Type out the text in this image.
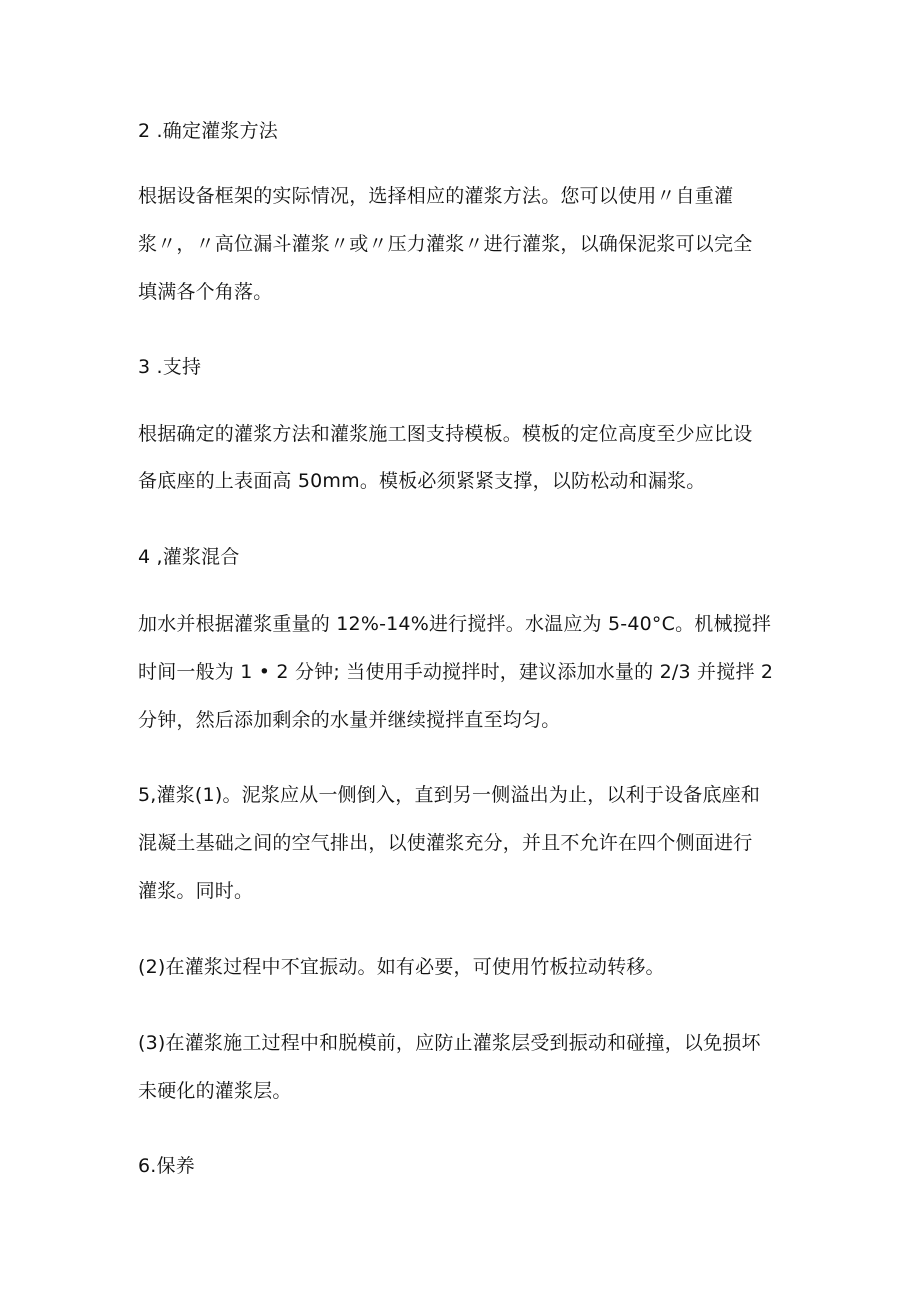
2 .确定灌浆方法
根据设备框架的实际情况，选择相应的灌浆方法。您可以使用〃自重灌
浆〃，〃高位漏斗灌浆〃或〃压力灌浆〃进行灌浆，以确保泥浆可以完全
填满各个角落。
3 .支持
根据确定的灌浆方法和灌浆施工图支持模板。模板的定位高度至少应比设
备底座的上表面高 50mm。模板必须紧紧支撑，以防松动和漏浆。
4 ,灌浆混合
加水并根据灌浆重量的 12%-14%进行搅拌。水温应为 5-40°C。机械搅拌
时间一般为 1 • 2 分钟; 当使用手动搅拌时，建议添加水量的 2/3 并搅拌 2
分钟，然后添加剩余的水量并继续搅拌直至均匀。
5,灌浆(1)。泥浆应从一侧倒入，直到另一侧溢出为止，以利于设备底座和
混凝土基础之间的空气排出，以使灌浆充分，并且不允许在四个侧面进行
灌浆。同时。
(2)在灌浆过程中不宜振动。如有必要，可使用竹板拉动转移。
(3)在灌浆施工过程中和脱模前，应防止灌浆层受到振动和碰撞，以免损坏
未硬化的灌浆层。
6.保养
